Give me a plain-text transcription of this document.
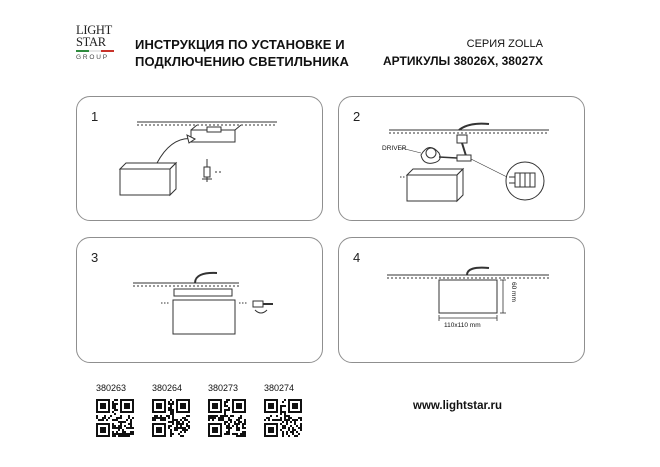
LIGHT
STAR
GROUP
ИНСТРУКЦИЯ ПО УСТАНОВКЕ И
ПОДКЛЮЧЕНИЮ СВЕТИЛЬНИКА
СЕРИЯ ZOLLA
АРТИКУЛЫ 38026X, 38027X
1	2
DRIVER
3	4
60 mm
110x110 mm
380263	380264	380273	380274
www.lightstar.ru
